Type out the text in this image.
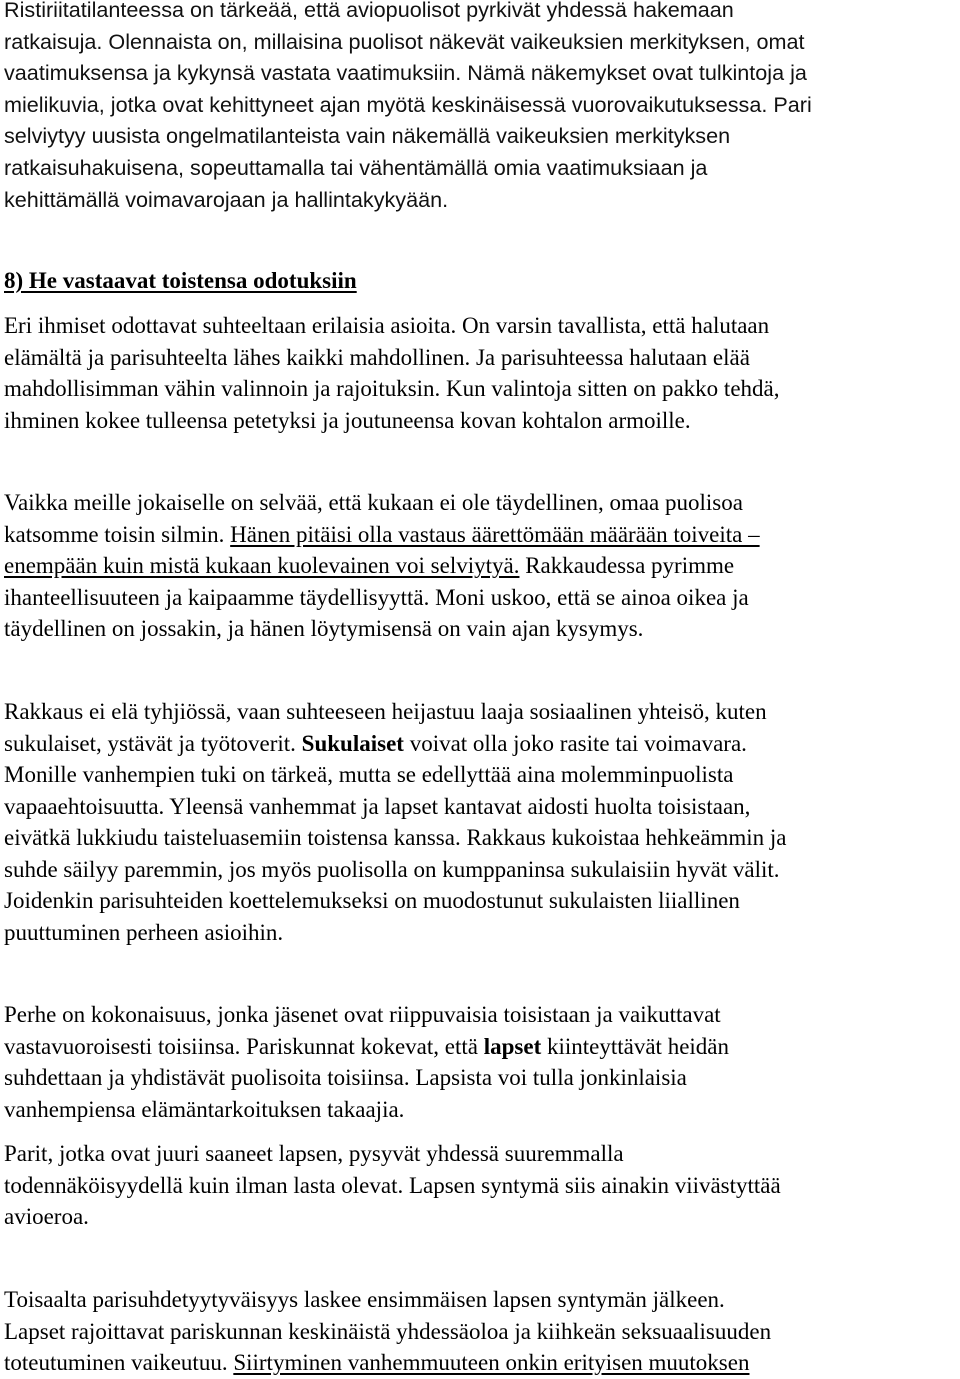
Ristiriitatilanteessa on tärkeää, että aviopuolisot pyrkivät yhdessä hakemaan
ratkaisuja. Olennaista on, millaisina puolisot näkevät vaikeuksien merkityksen, omat
vaatimuksensa ja kykynsä vastata vaatimuksiin. Nämä näkemykset ovat tulkintoja ja
mielikuvia, jotka ovat kehittyneet ajan myötä keskinäisessä vuorovaikutuksessa. Pari
selviytyy uusista ongelmatilanteista vain näkemällä vaikeuksien merkityksen
ratkaisuhakuisena, sopeuttamalla tai vähentämällä omia vaatimuksiaan ja
kehittämällä voimavarojaan ja hallintakykyään.
8) He vastaavat toistensa odotuksiin
Eri ihmiset odottavat suhteeltaan erilaisia asioita. On varsin tavallista, että halutaan
elämältä ja parisuhteelta lähes kaikki mahdollinen. Ja parisuhteessa halutaan elää
mahdollisimman vähin valinnoin ja rajoituksin. Kun valintoja sitten on pakko tehdä,
ihminen kokee tulleensa petetyksi ja joutuneensa kovan kohtalon armoille.
Vaikka meille jokaiselle on selvää, että kukaan ei ole täydellinen, omaa puolisoa
katsomme toisin silmin. Hänen pitäisi olla vastaus äärettömään määrään toiveita –
enempään kuin mistä kukaan kuolevainen voi selviytyä. Rakkaudessa pyrimme
ihanteellisuuteen ja kaipaamme täydellisyyttä. Moni uskoo, että se ainoa oikea ja
täydellinen on jossakin, ja hänen löytymisensä on vain ajan kysymys.
Rakkaus ei elä tyhjiössä, vaan suhteeseen heijastuu laaja sosiaalinen yhteisö, kuten
sukulaiset, ystävät ja työtoverit. Sukulaiset voivat olla joko rasite tai voimavara.
Monille vanhempien tuki on tärkeä, mutta se edellyttää aina molemminpuolista
vapaaehtoisuutta. Yleensä vanhemmat ja lapset kantavat aidosti huolta toisistaan,
eivätkä lukkiudu taisteluasemiin toistensa kanssa. Rakkaus kukoistaa hehkeämmin ja
suhde säilyy paremmin, jos myös puolisolla on kumppaninsa sukulaisiin hyvät välit.
Joidenkin parisuhteiden koettelemukseksi on muodostunut sukulaisten liiallinen
puuttuminen perheen asioihin.
Perhe on kokonaisuus, jonka jäsenet ovat riippuvaisia toisistaan ja vaikuttavat
vastavuoroisesti toisiinsa. Pariskunnat kokevat, että lapset kiinteyttävät heidän
suhdettaan ja yhdistävät puolisoita toisiinsa. Lapsista voi tulla jonkinlaisia
vanhempiensa elämäntarkoituksen takaajia.
Parit, jotka ovat juuri saaneet lapsen, pysyvät yhdessä suuremmalla
todennäköisyydellä kuin ilman lasta olevat. Lapsen syntymä siis ainakin viivästyttää
avioeroa.
Toisaalta parisuhdetyytyväisyys laskee ensimmäisen lapsen syntymän jälkeen.
Lapset rajoittavat pariskunnan keskinäistä yhdessäoloa ja kiihkeän seksuaalisuuden
toteutuminen vaikeutuu. Siirtyminen vanhemmuuteen onkin erityisen muutoksen
